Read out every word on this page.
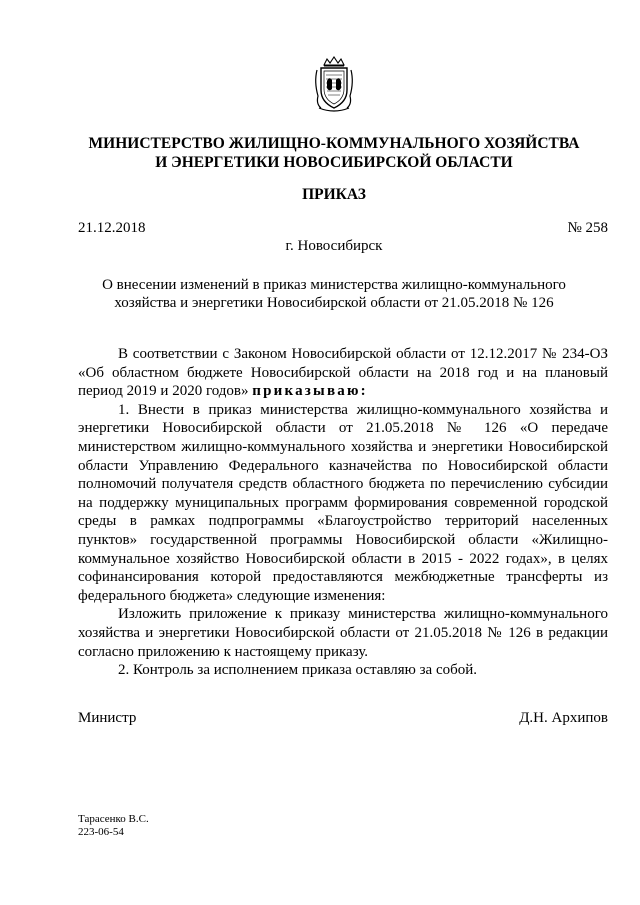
МИНИСТЕРСТВО ЖИЛИЩНО-КОММУНАЛЬНОГО ХОЗЯЙСТВА
И ЭНЕРГЕТИКИ НОВОСИБИРСКОЙ ОБЛАСТИ
ПРИКАЗ
21.12.2018	№ 258
г. Новосибирск
О внесении изменений в приказ министерства жилищно-коммунального
хозяйства и энергетики Новосибирской области от 21.05.2018 № 126

В соответствии с Законом Новосибирской области от 12.12.2017 № 234-ОЗ «Об областном бюджете Новосибирской области на 2018 год и на плановый период 2019 и 2020 годов» приказываю:

1. Внести в приказ министерства жилищно-коммунального хозяйства и энергетики Новосибирской области от 21.05.2018 № 126 «О передаче министерством жилищно-коммунального хозяйства и энергетики Новосибирской области Управлению Федерального казначейства по Новосибирской области полномочий получателя средств областного бюджета по перечислению субсидии на поддержку муниципальных программ формирования современной городской среды в рамках подпрограммы «Благоустройство территорий населенных пунктов» государственной программы Новосибирской области «Жилищно-коммунальное хозяйство Новосибирской области в 2015 - 2022 годах», в целях софинансирования которой предоставляются межбюджетные трансферты из федерального бюджета» следующие изменения:

Изложить приложение к приказу министерства жилищно-коммунального хозяйства и энергетики Новосибирской области от 21.05.2018 № 126 в редакции согласно приложению к настоящему приказу.

2. Контроль за исполнением приказа оставляю за собой.

Министр	Д.Н. Архипов
Тарасенко В.С.
223-06-54
